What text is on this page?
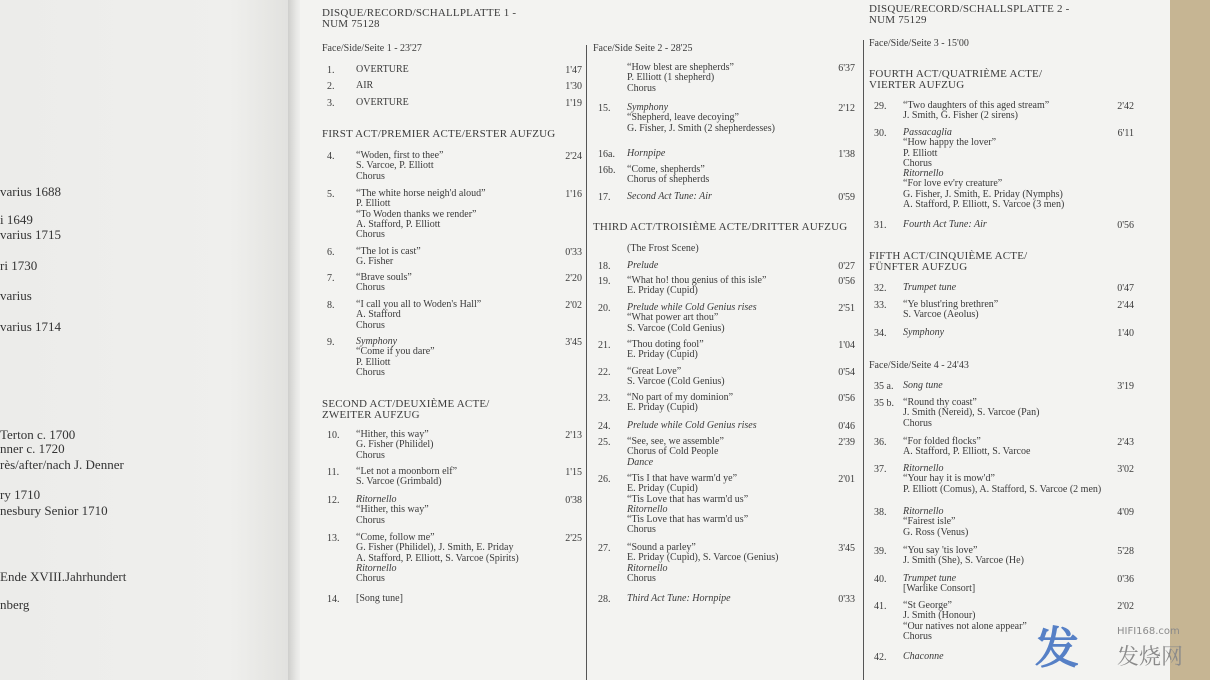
varius 1688
i 1649
varius 1715
ri 1730
varius
varius 1714
Terton c. 1700
nner c. 1720
rès/after/nach J. Denner
ry 1710
nesbury Senior 1710
Ende XVIII.Jahrhundert
nberg
DISQUE/RECORD/SCHALLPLATTE 1 -
NUM 75128
Face/Side/Seite 1 - 23'27
1. OVERTURE	1'47
2. AIR	1'30
3. OVERTURE	1'19
FIRST ACT/PREMIER ACTE/ERSTER AUFZUG
4. “Woden, first to thee”
S. Varcoe, P. Elliott
Chorus
2'24
5. “The white horse neigh'd aloud”
P. Elliott
“To Woden thanks we render”
A. Stafford, P. Elliott
Chorus
1'16
6. “The lot is cast”
G. Fisher
0'33
7. “Brave souls”
Chorus
2'20
8. “I call you all to Woden's Hall”
A. Stafford
Chorus
2'02
9. Symphony
“Come if you dare”
P. Elliott
Chorus
3'45
SECOND ACT/DEUXIÈME ACTE/
ZWEITER AUFZUG
10. “Hither, this way”
G. Fisher (Philidel)
Chorus
2'13
11. “Let not a moonborn elf”
S. Varcoe (Grimbald)
1'15
12. Ritornello
“Hither, this way”
Chorus
0'38
13. “Come, follow me”
G. Fisher (Philidel), J. Smith, E. Priday
A. Stafford, P. Elliott, S. Varcoe (Spirits)
Ritornello
Chorus
2'25
14. [Song tune]
Face/Side Seite 2 - 28'25
“How blest are shepherds”
P. Elliott (1 shepherd)
Chorus
6'37
15. Symphony
“Shepherd, leave decoying”
G. Fisher, J. Smith (2 shepherdesses)
2'12
16a. Hornpipe	1'38
16b. “Come, shepherds”
Chorus of shepherds
17. Second Act Tune: Air	0'59
THIRD ACT/TROISIÈME ACTE/DRITTER AUFZUG
(The Frost Scene)
18. Prelude	0'27
19. “What ho! thou genius of this isle”
E. Priday (Cupid)
0'56
20. Prelude while Cold Genius rises
“What power art thou”
S. Varcoe (Cold Genius)
2'51
21. “Thou doting fool”
E. Priday (Cupid)
1'04
22. “Great Love”
S. Varcoe (Cold Genius)
0'54
23. “No part of my dominion”
E. Priday (Cupid)
0'56
24. Prelude while Cold Genius rises	0'46
25. “See, see, we assemble”
Chorus of Cold People
Dance
2'39
26. “Tis I that have warm'd ye”
E. Priday (Cupid)
“Tis Love that has warm'd us”
Ritornello
“Tis Love that has warm'd us”
Chorus
2'01
27. “Sound a parley”
E. Priday (Cupid), S. Varcoe (Genius)
Ritornello
Chorus
3'45
28. Third Act Tune: Hornpipe	0'33
DISQUE/RECORD/SCHALLSPLATTE 2 -
NUM 75129
Face/Side/Seite 3 - 15'00
FOURTH ACT/QUATRIÈME ACTE/
VIERTER AUFZUG
29. “Two daughters of this aged stream”
J. Smith, G. Fisher (2 sirens)
2'42
30. Passacaglia
“How happy the lover”
P. Elliott
Chorus
Ritornello
“For love ev'ry creature”
G. Fisher, J. Smith, E. Priday (Nymphs)
A. Stafford, P. Elliott, S. Varcoe (3 men)
6'11
31. Fourth Act Tune: Air	0'56
FIFTH ACT/CINQUIÈME ACTE/
FÜNFTER AUFZUG
32. Trumpet tune	0'47
33. “Ye blust'ring brethren”
S. Varcoe (Aeolus)
2'44
34. Symphony	1'40
Face/Side/Seite 4 - 24'43
35 a. Song tune	3'19
35 b. “Round thy coast”
J. Smith (Nereid), S. Varcoe (Pan)
Chorus
36. “For folded flocks”
A. Stafford, P. Elliott, S. Varcoe
2'43
37. Ritornello
“Your hay it is mow'd”
P. Elliott (Comus), A. Stafford, S. Varcoe (2 men)
3'02
38. Ritornello
“Fairest isle”
G. Ross (Venus)
4'09
39. “You say 'tis love”
J. Smith (She), S. Varcoe (He)
5'28
40. Trumpet tune
[Warlike Consort]
0'36
41. “St George”
J. Smith (Honour)
“Our natives not alone appear”
Chorus
2'02
42. Chaconne 发	HIFI168.com
发烧网
